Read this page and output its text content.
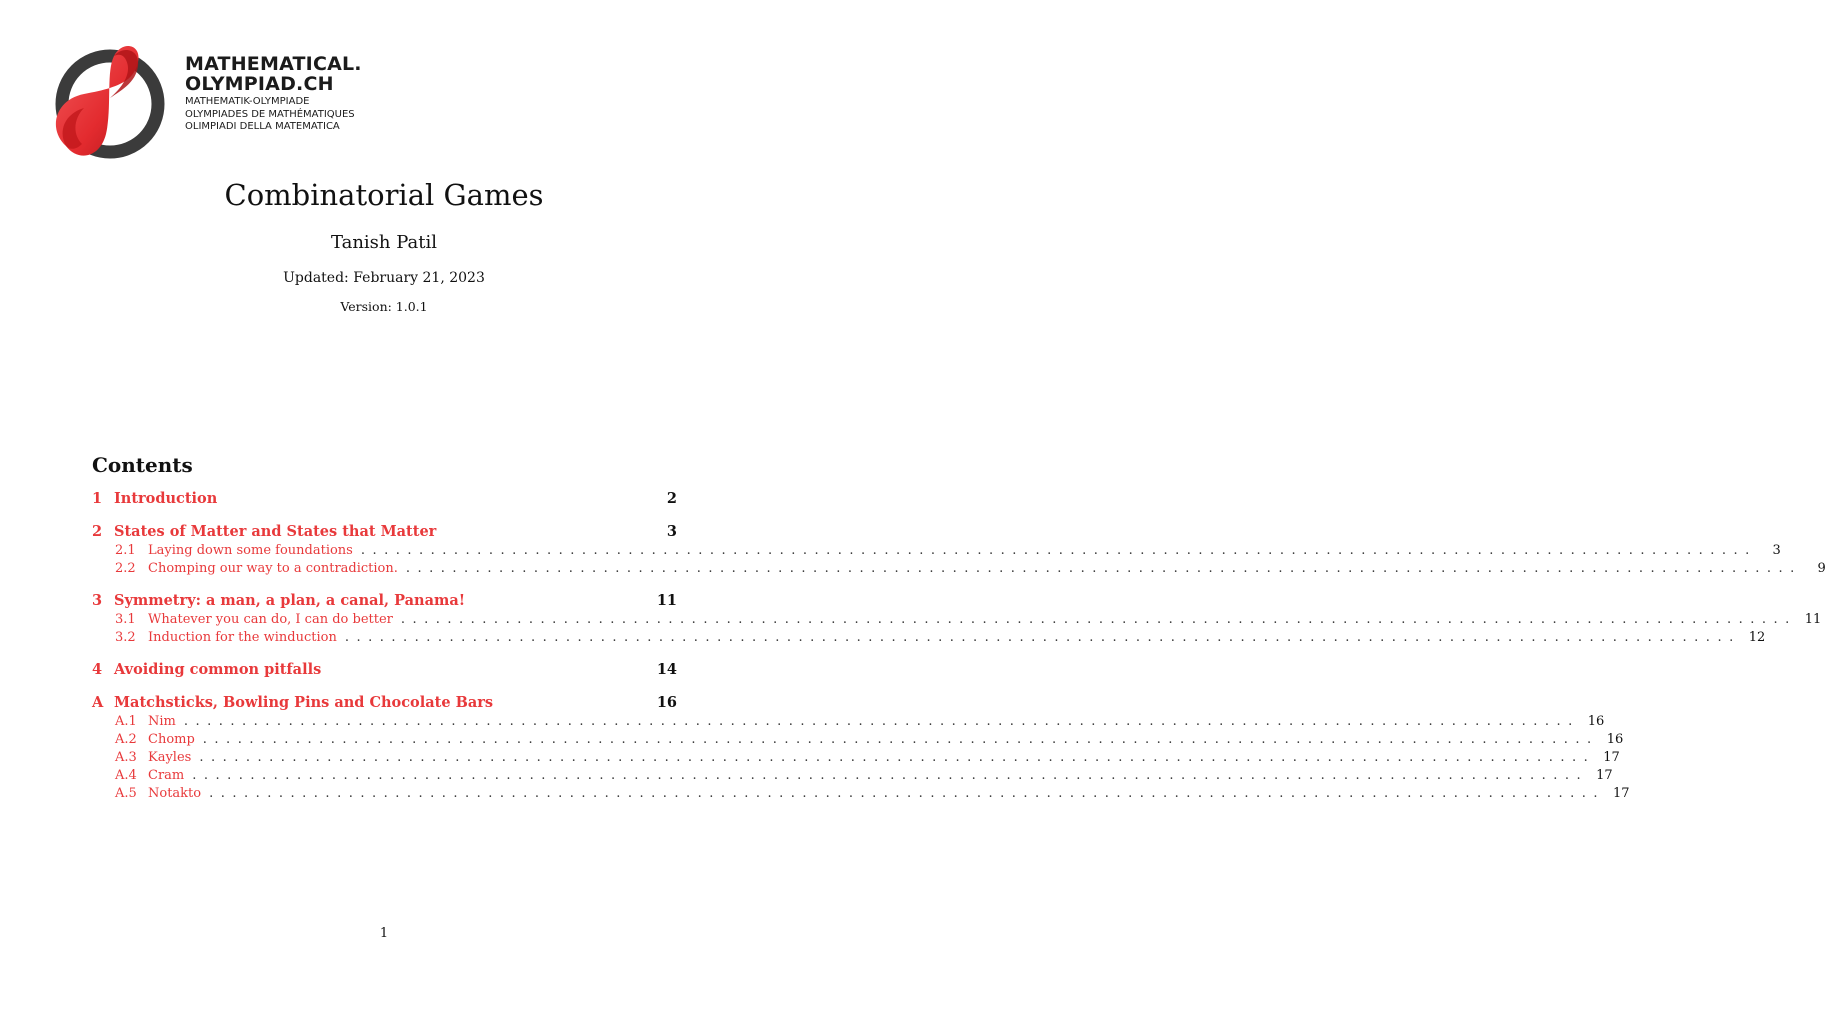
MATHEMATICAL.
OLYMPIAD.CH
MATHEMATIK-OLYMPIADE
OLYMPIADES DE MATHÉMATIQUES
OLIMPIADI DELLA MATEMATICA
Combinatorial Games
Tanish Patil
Updated: February 21, 2023
Version: 1.0.1
Contents
1 Introduction	2
2 States of Matter and States that Matter	3
2.1 Laying down some foundations ........................................................................................................................	3
2.2 Chomping our way to a contradiction. ........................................................................................................................	9
3 Symmetry: a man, a plan, a canal, Panama!	11
3.1 Whatever you can do, I can do better ........................................................................................................................ 11
3.2 Induction for the winduction ........................................................................................................................ 12
4 Avoiding common pitfalls	14
A Matchsticks, Bowling Pins and Chocolate Bars	16
A.1 Nim ........................................................................................................................ 16
A.2 Chomp ........................................................................................................................ 16
A.3 Kayles ........................................................................................................................ 17
A.4 Cram ........................................................................................................................ 17
A.5 Notakto ........................................................................................................................ 17
1
